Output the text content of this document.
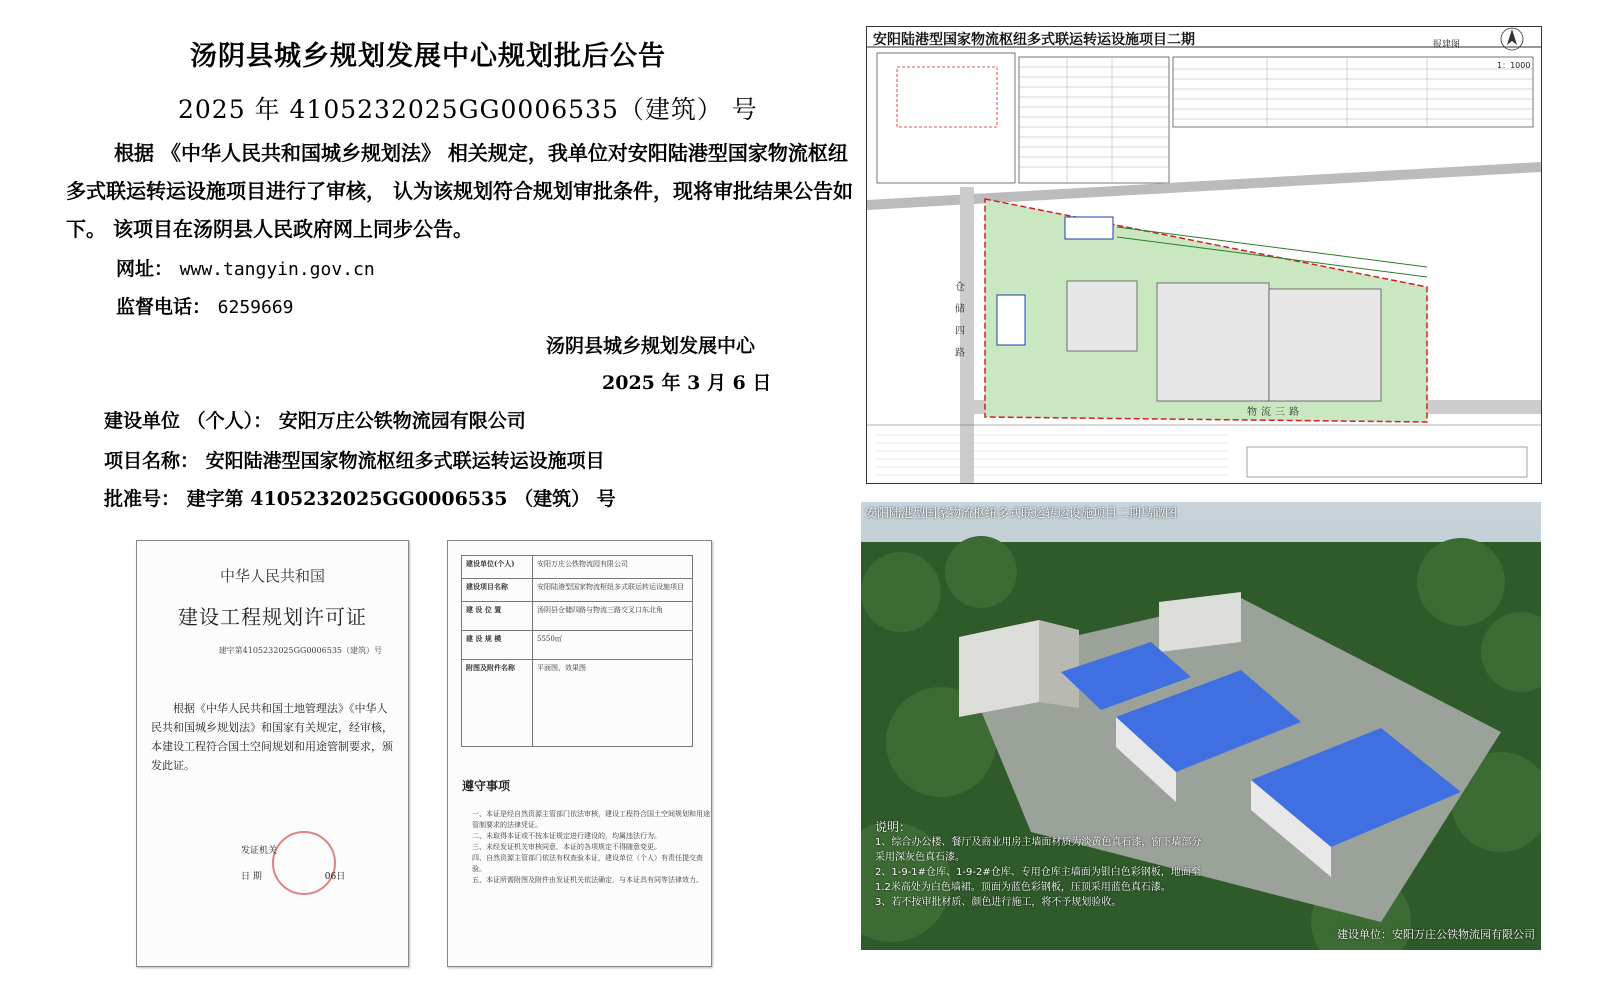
汤阴县城乡规划发展中心规划批后公告
2025 年 4105232025GG0006535（建筑） 号
根据 《中华人民共和国城乡规划法》 相关规定，我单位对安阳陆港型国家物流枢纽多式联运转运设施项目进行了审核， 认为该规划符合规划审批条件，现将审批结果公告如下。 该项目在汤阴县人民政府网上同步公告。
网址： www.tangyin.gov.cn
监督电话： 6259669
汤阴县城乡规划发展中心
2025 年 3 月 6 日
建设单位 （个人）： 安阳万庄公铁物流园有限公司
项目名称： 安阳陆港型国家物流枢纽多式联运转运设施项目
批准号： 建字第 4105232025GG0006535 （建筑） 号
中华人民共和国
建设工程规划许可证
建字第4105232025GG0006535（建筑）号
根据《中华人民共和国土地管理法》《中华人民共和国城乡规划法》和国家有关规定，经审核，本建设工程符合国土空间规划和用途管制要求，颁发此证。
发证机关
日 期	06日
建设单位(个人)	安阳万庄公铁物流园有限公司
建设项目名称	安阳陆港型国家物流枢纽多式联运转运设施项目
建 设 位 置	汤阴县仓储四路与物流三路交叉口东北角
建 设 规 模	5550㎡
附图及附件名称	平面图、效果图
遵守事项
一、本证是经自然资源主管部门依法审核，建设工程符合国土空间规划和用途管制要求的法律凭证。
二、未取得本证或不按本证规定进行建设的，均属违法行为。
三、未经发证机关审核同意，本证的各项规定不得随意变更。
四、自然资源主管部门依法有权查验本证，建设单位（个人）有责任提交查验。
五、本证所需附图及附件由发证机关依法确定，与本证具有同等法律效力。
安阳陆港型国家物流枢纽多式联运转运设施项目二期	报建图
1：1000
仓储四路
物流三路
安阳陆港型国家物流枢纽多式联运转运设施项目二期鸟瞰图
说明：
1、综合办公楼、餐厅及商业用房主墙面材质为淡黄色真石漆，窗下墙部分采用深灰色真石漆。
2、1-9-1#仓库、1-9-2#仓库、专用仓库主墙面为银白色彩钢板，地面至1.2米高处为白色墙裙。顶面为蓝色彩钢板，压顶采用蓝色真石漆。
3、若不按审批材质、颜色进行施工，将不予规划验收。
建设单位：安阳万庄公铁物流园有限公司
